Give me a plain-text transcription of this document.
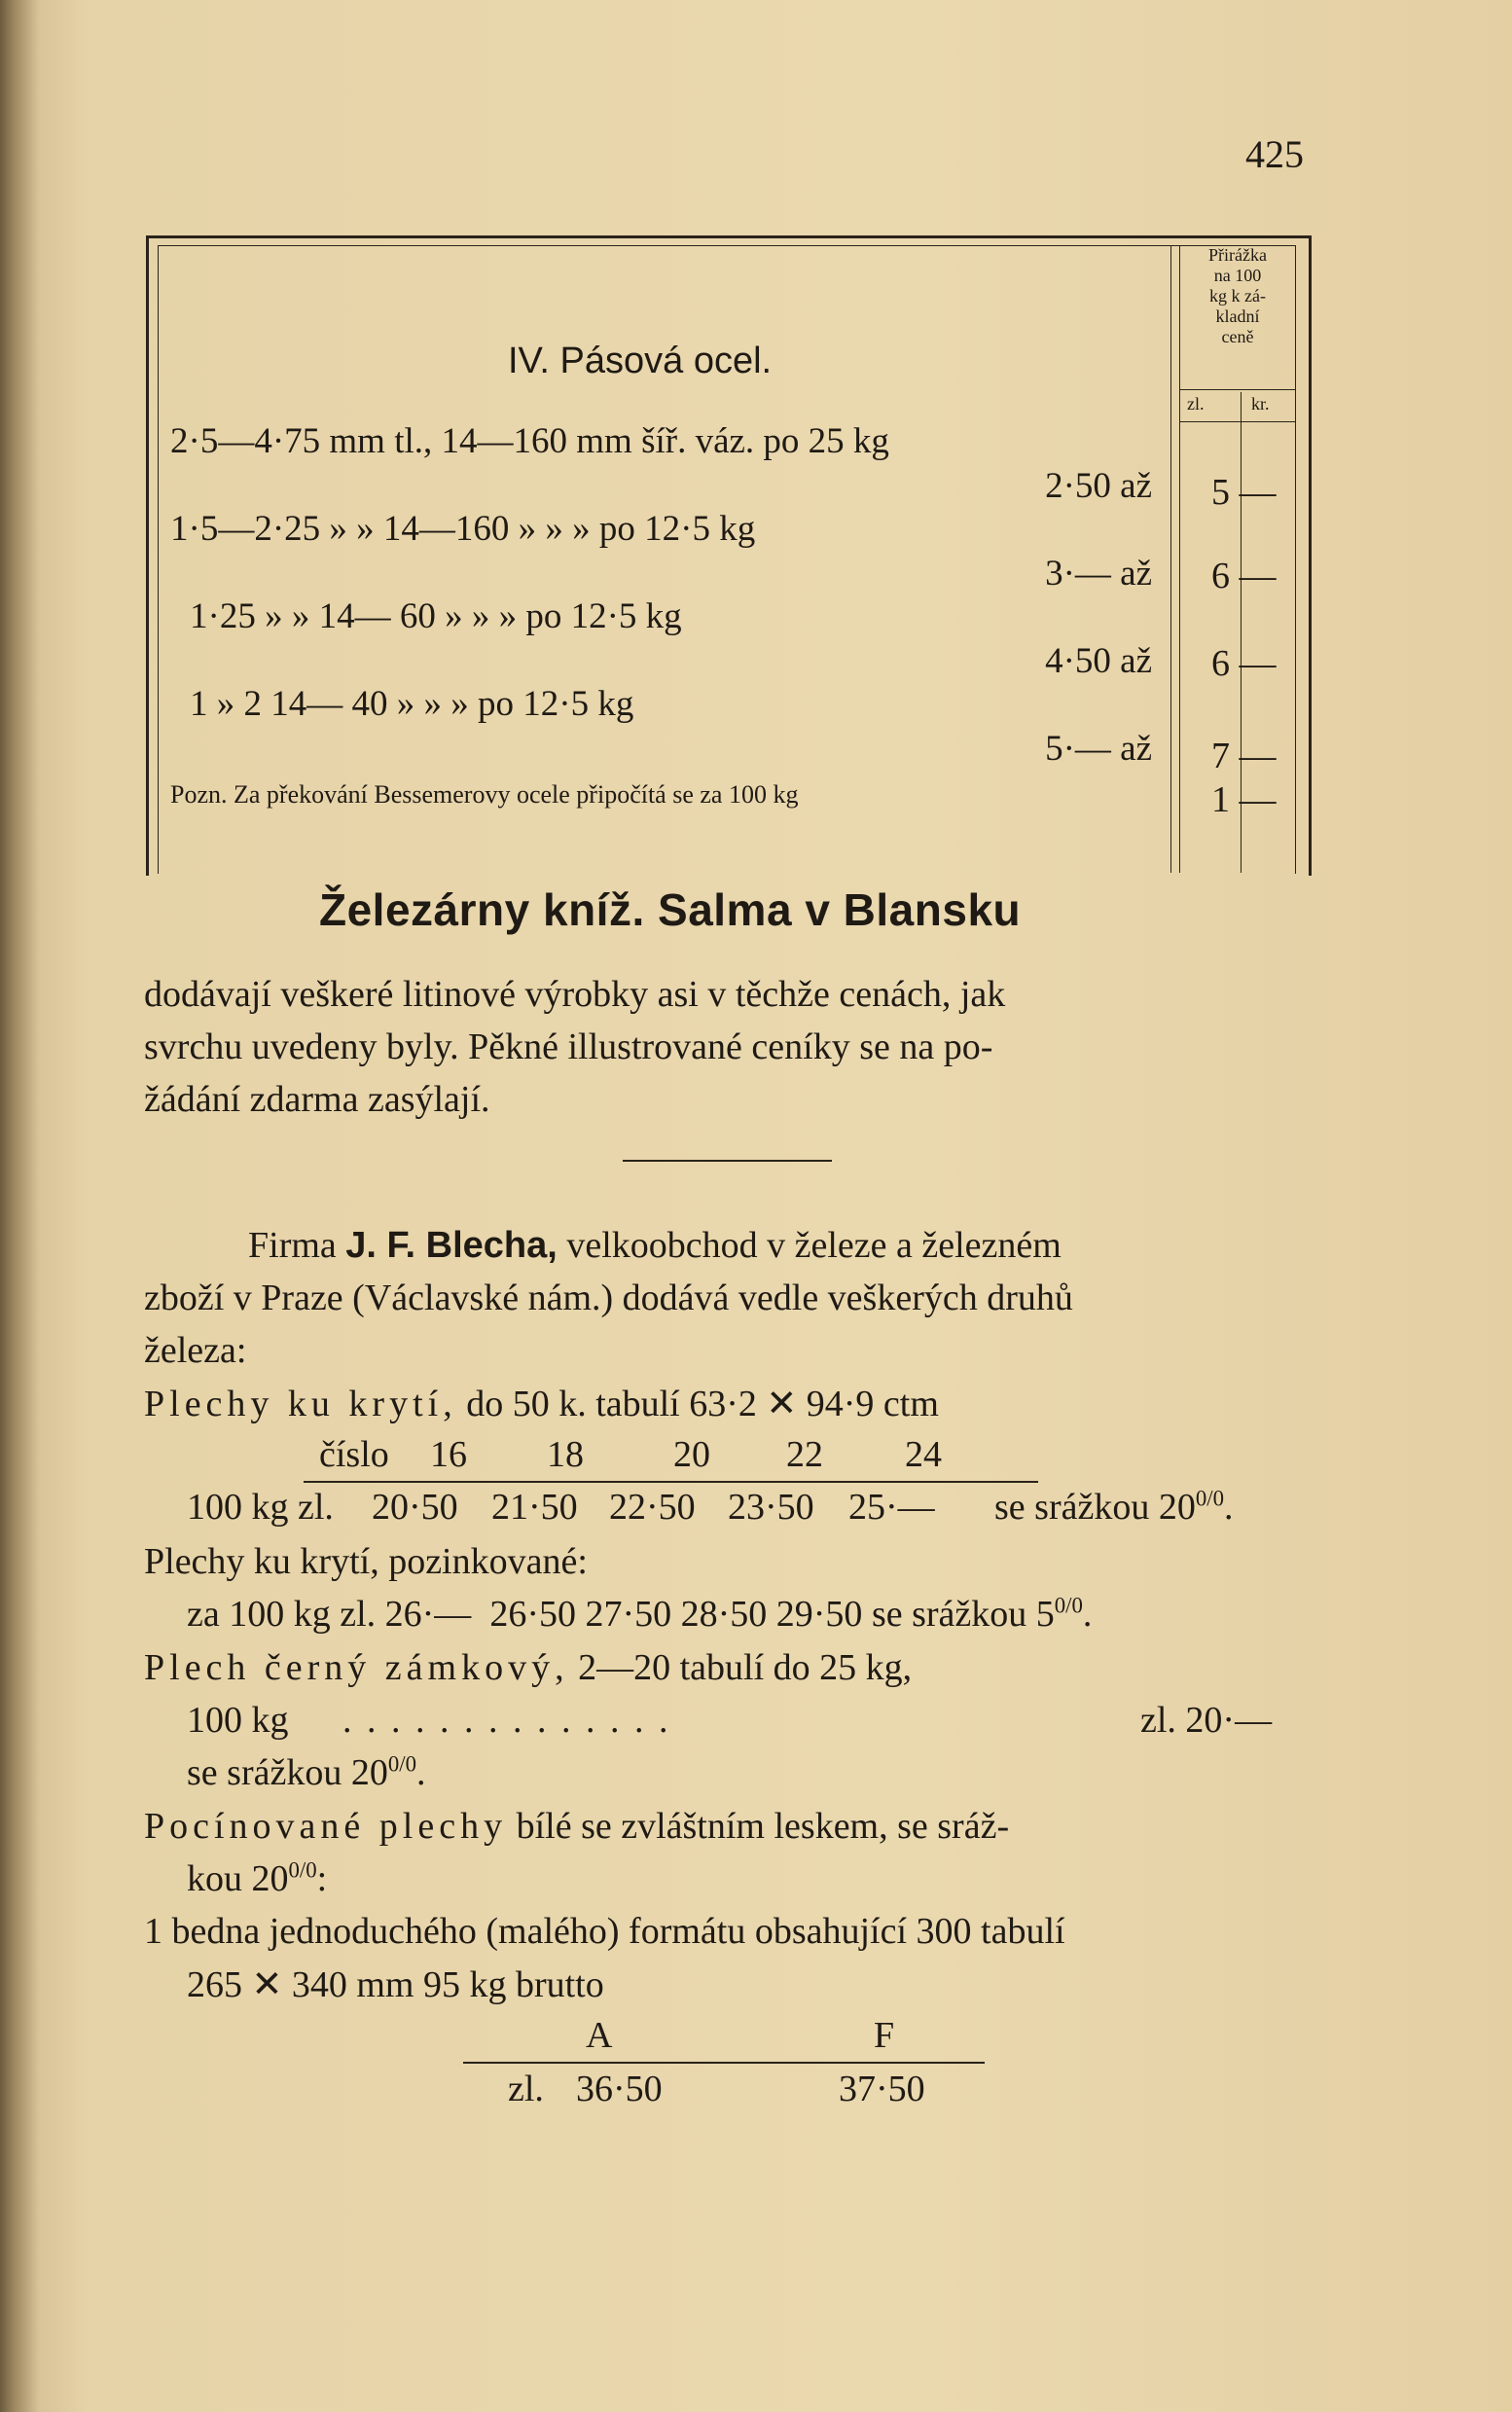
425
Přirážka
na 100
kg k zá-
kladní
ceně
zl.	kr.
IV. Pásová ocel.
2·5—4·75 mm tl., 14—160 mm šíř. váz. po 25 kg
2·50 až 5 —
1·5—2·25 » » 14—160 » » » po 12·5 kg
3·— až 6 —
1·25 » » 14— 60 » » » po 12·5 kg
4·50 až 6 —
1 » 2 14— 40 » » » po 12·5 kg
5·— až 7 —
Pozn. Za překování Bessemerovy ocele připočítá se za 100 kg	1 —
Železárny kníž. Salma v Blansku
dodávají veškeré litinové výrobky asi v těchže cenách, jak
svrchu uvedeny byly. Pěkné illustrované ceníky se na po-
žádání zdarma zasýlají.
Firma J. F. Blecha, velkoobchod v železe a železném
zboží v Praze (Václavské nám.) dodává vedle veškerých druhů
železa:
Plechy ku krytí, do 50 k. tabulí 63·2 ✕ 94·9 ctm
číslo 16 18 20 22 24
100 kg zl. 20·50 21·50 22·50 23·50 25·— se srážkou $20^{0/0}$.
Plechy ku krytí, pozinkované:
za 100 kg zl. 26·— 26·50 27·50 28·50 29·50 se srážkou $5^{0/0}$.
Plech černý zámkový, 2—20 tabulí do 25 kg,
100 kg . . . . . . . . . . . . . .	zl. 20·—
se srážkou $20^{0/0}$.
Pocínované plechy bílé se zvláštním leskem, se sráž-
kou $20^{0/0}$:
1 bedna jednoduchého (malého) formátu obsahující 300 tabulí
265 ✕ 340 mm 95 kg brutto
A	F
zl. 36·50	37·50
